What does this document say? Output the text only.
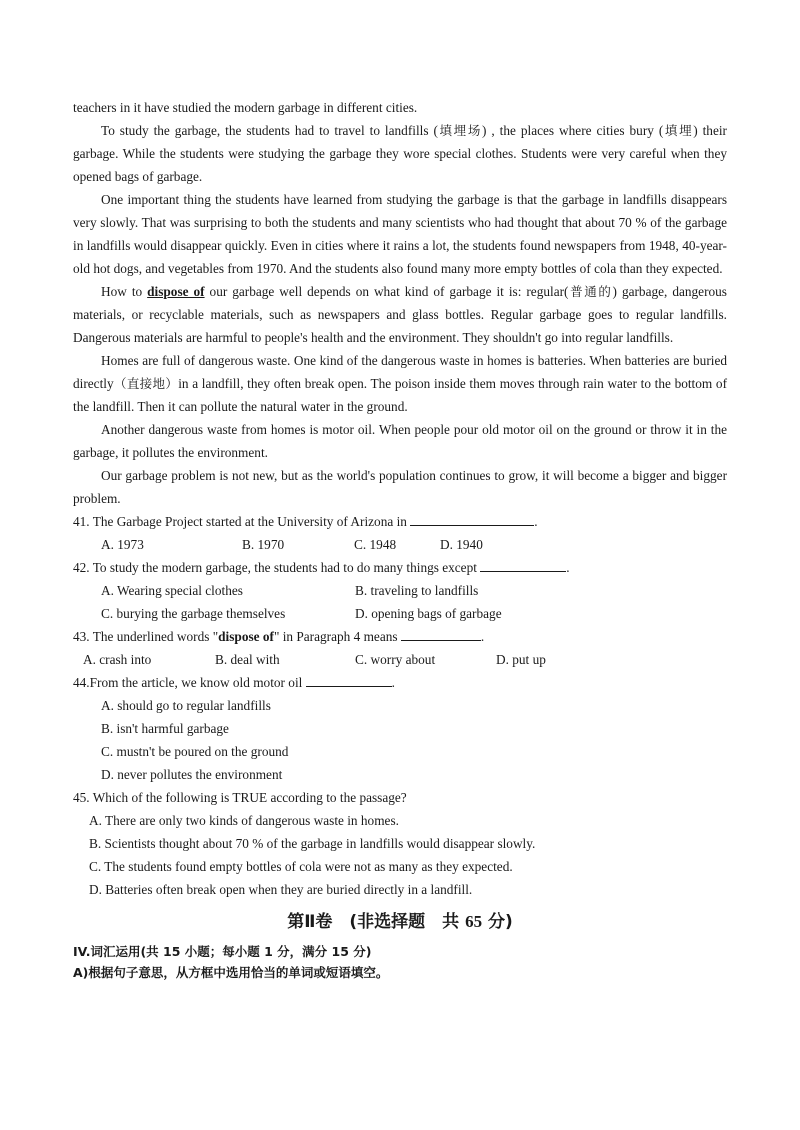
teachers in it have studied the modern garbage in different cities.

To study the garbage, the students had to travel to landfills (填埋场) , the places where cities bury (填埋) their garbage. While the students were studying the garbage they wore special clothes. Students were very careful when they opened bags of garbage.

One important thing the students have learned from studying the garbage is that the garbage in landfills disappears very slowly. That was surprising to both the students and many scientists who had thought that about 70 % of the garbage in landfills would disappear quickly. Even in cities where it rains a lot, the students found newspapers from 1948, 40-year-old hot dogs, and vegetables from 1970. And the students also found many more empty bottles of cola than they expected.

How to dispose of our garbage well depends on what kind of garbage it is: regular(普通的) garbage, dangerous materials, or recyclable materials, such as newspapers and glass bottles. Regular garbage goes to regular landfills. Dangerous materials are harmful to people's health and the environment. They shouldn't go into regular landfills.

Homes are full of dangerous waste. One kind of the dangerous waste in homes is batteries. When batteries are buried directly（直接地）in a landfill, they often break open. The poison inside them moves through rain water to the bottom of the landfill. Then it can pollute the natural water in the ground.

Another dangerous waste from homes is motor oil. When people pour old motor oil on the ground or throw it in the garbage, it pollutes the environment.

Our garbage problem is not new, but as the world's population continues to grow, it will become a bigger and bigger problem.

41. The Garbage Project started at the University of Arizona in	.

A. 1973	B. 1970	C. 1948	D. 1940

42. To study the modern garbage, the students had to do many things except	.

A. Wearing special clothes	B. traveling to landfills
C. burying the garbage themselves	D. opening bags of garbage

43. The underlined words "dispose of" in Paragraph 4 means	.

A. crash into	B. deal with	C. worry about	D. put up

44.From the article, we know old motor oil	.

A. should go to regular landfills

B. isn't harmful garbage

C. mustn't be poured on the ground

D. never pollutes the environment

45. Which of the following is TRUE according to the passage?

A. There are only two kinds of dangerous waste in homes.

B. Scientists thought about 70 % of the garbage in landfills would disappear slowly.

C. The students found empty bottles of cola were not as many as they expected.

D. Batteries often break open when they are buried directly in a landfill.

第Ⅱ卷　(非选择题　共 65 分)

IV.词汇运用(共 15 小题；每小题 1 分，满分 15 分)

A)根据句子意思，从方框中选用恰当的单词或短语填空。
